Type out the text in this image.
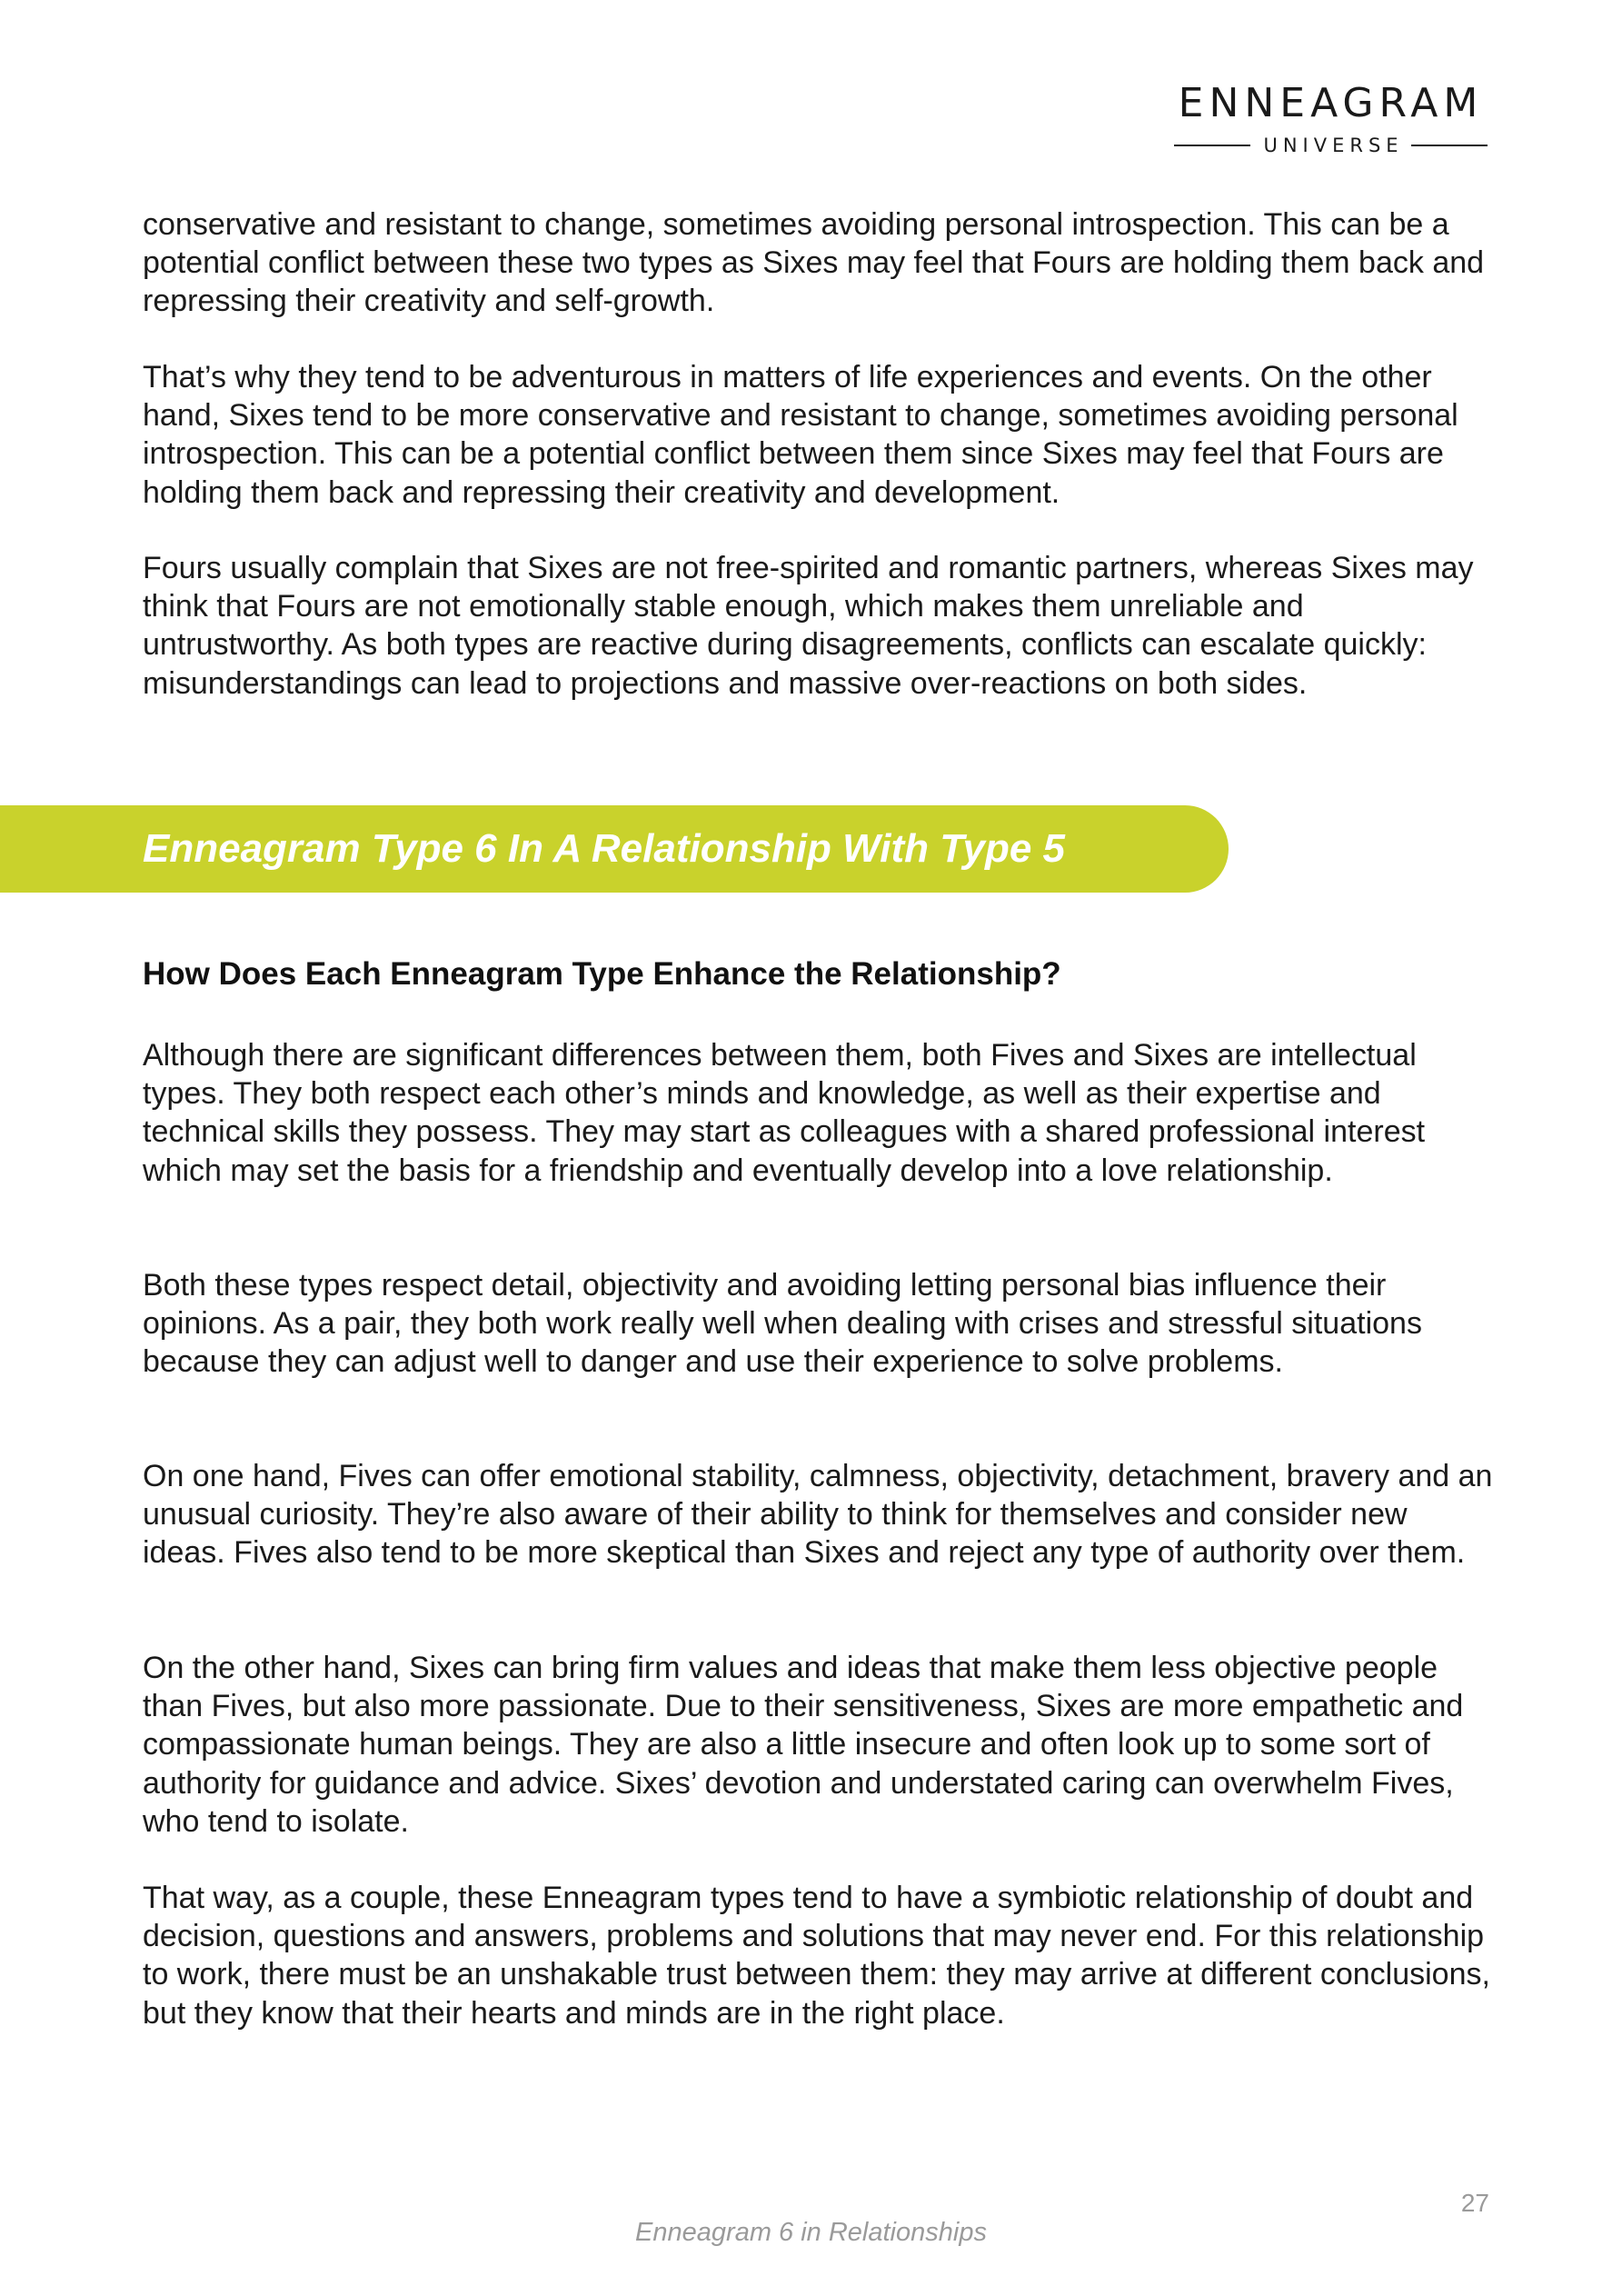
ENNEAGRAM
UNIVERSE

conservative and resistant to change, sometimes avoiding personal introspection. This can be a potential conflict between these two types as Sixes may feel that Fours are holding them back and repressing their creativity and self-growth.

That’s why they tend to be adventurous in matters of life experiences and events. On the other hand, Sixes tend to be more conservative and resistant to change, sometimes avoiding personal introspection. This can be a potential conflict between them since Sixes may feel that Fours are holding them back and repressing their creativity and development.

Fours usually complain that Sixes are not free-spirited and romantic partners, whereas Sixes may think that Fours are not emotionally stable enough, which makes them unreliable and untrustworthy. As both types are reactive during disagreements, conflicts can escalate quickly: misunderstandings can lead to projections and massive over-reactions on both sides.

Enneagram Type 6 In A Relationship With Type 5
How Does Each Enneagram Type Enhance the Relationship?

Although there are significant differences between them, both Fives and Sixes are intellectual types. They both respect each other’s minds and knowledge, as well as their expertise and technical skills they possess. They may start as colleagues with a shared professional interest which may set the basis for a friendship and eventually develop into a love relationship.

Both these types respect detail, objectivity and avoiding letting personal bias influence their opinions. As a pair, they both work really well when dealing with crises and stressful situations because they can adjust well to danger and use their experience to solve problems.

On one hand, Fives can offer emotional stability, calmness, objectivity, detachment, bravery and an unusual curiosity. They’re also aware of their ability to think for themselves and consider new ideas. Fives also tend to be more skeptical than Sixes and reject any type of authority over them.

On the other hand, Sixes can bring firm values and ideas that make them less objective people than Fives, but also more passionate. Due to their sensitiveness, Sixes are more empathetic and compassionate human beings. They are also a little insecure and often look up to some sort of authority for guidance and advice. Sixes’ devotion and understated caring can overwhelm Fives, who tend to isolate.

That way, as a couple, these Enneagram types tend to have a symbiotic relationship of doubt and decision, questions and answers, problems and solutions that may never end. For this relationship to work, there must be an unshakable trust between them: they may arrive at different conclusions, but they know that their hearts and minds are in the right place.

27
Enneagram 6 in Relationships
